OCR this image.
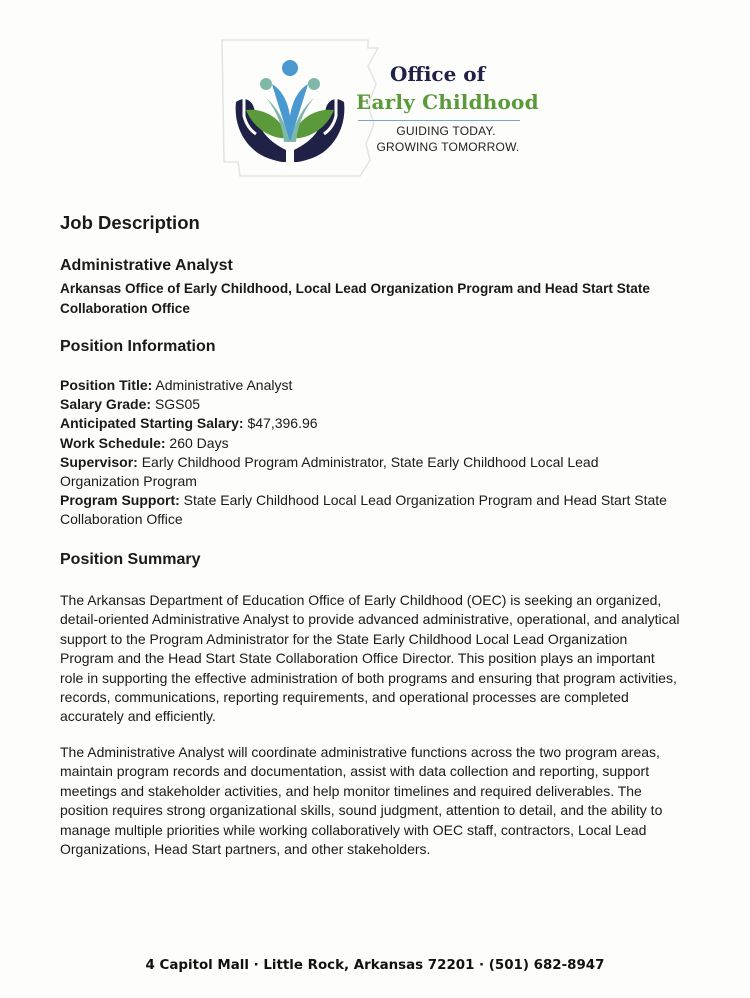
Office of
Early Childhood
GUIDING TODAY.
GROWING TOMORROW.
Job Description
Administrative Analyst

Arkansas Office of Early Childhood, Local Lead Organization Program and Head Start State Collaboration Office

Position Information

Position Title: Administrative Analyst

Salary Grade: SGS05

Anticipated Starting Salary: $47,396.96

Work Schedule: 260 Days

Supervisor: Early Childhood Program Administrator, State Early Childhood Local Lead Organization Program

Program Support: State Early Childhood Local Lead Organization Program and Head Start State Collaboration Office

Position Summary

The Arkansas Department of Education Office of Early Childhood (OEC) is seeking an organized, detail-oriented Administrative Analyst to provide advanced administrative, operational, and analytical support to the Program Administrator for the State Early Childhood Local Lead Organization Program and the Head Start State Collaboration Office Director. This position plays an important role in supporting the effective administration of both programs and ensuring that program activities, records, communications, reporting requirements, and operational processes are completed accurately and efficiently.

The Administrative Analyst will coordinate administrative functions across the two program areas, maintain program records and documentation, assist with data collection and reporting, support meetings and stakeholder activities, and help monitor timelines and required deliverables. The position requires strong organizational skills, sound judgment, attention to detail, and the ability to manage multiple priorities while working collaboratively with OEC staff, contractors, Local Lead Organizations, Head Start partners, and other stakeholders.

4 Capitol Mall · Little Rock, Arkansas 72201 · (501) 682-8947
